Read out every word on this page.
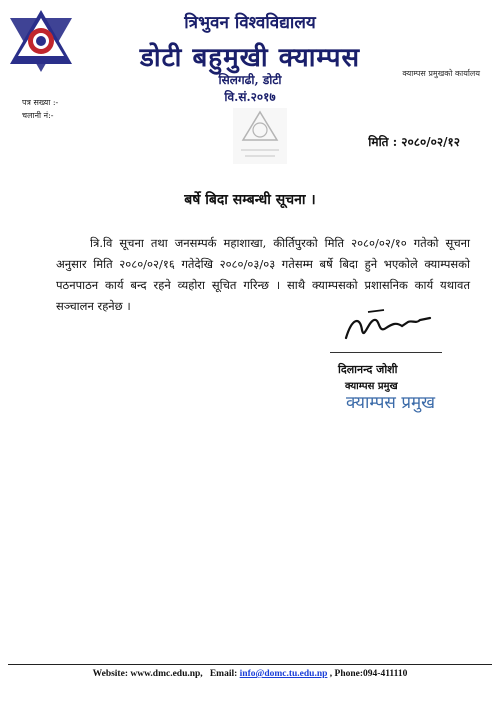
त्रिभुवन विश्वविद्यालय
डोटी बहुमुखी क्याम्पस
सिलगढी, डोटी
वि.सं.२०१७
क्याम्पस प्रमुखको कार्यालय
पत्र सख्या :-
चलानी नं:-
मिति : २०८०/०२/१२
बर्षे बिदा सम्बन्धी सूचना ।

त्रि.वि सूचना तथा जनसम्पर्क महाशाखा, कीर्तिपुरको मिति २०८०/०२/१० गतेको सूचना अनुसार मिति २०८०/०२/१६ गतेदेखि २०८०/०३/०३ गतेसम्म बर्षे बिदा हुने भएकोले क्याम्पसको पठनपाठन कार्य बन्द रहने व्यहोरा सूचित गरिन्छ । साथै क्याम्पसको प्रशासनिक कार्य यथावत सञ्चालन रहनेछ ।

दिलानन्द जोशी
क्याम्पस प्रमुख
क्याम्पस प्रमुख
Website: www.dmc.edu.np, Email: info@domc.tu.edu.np , Phone:094-411110
